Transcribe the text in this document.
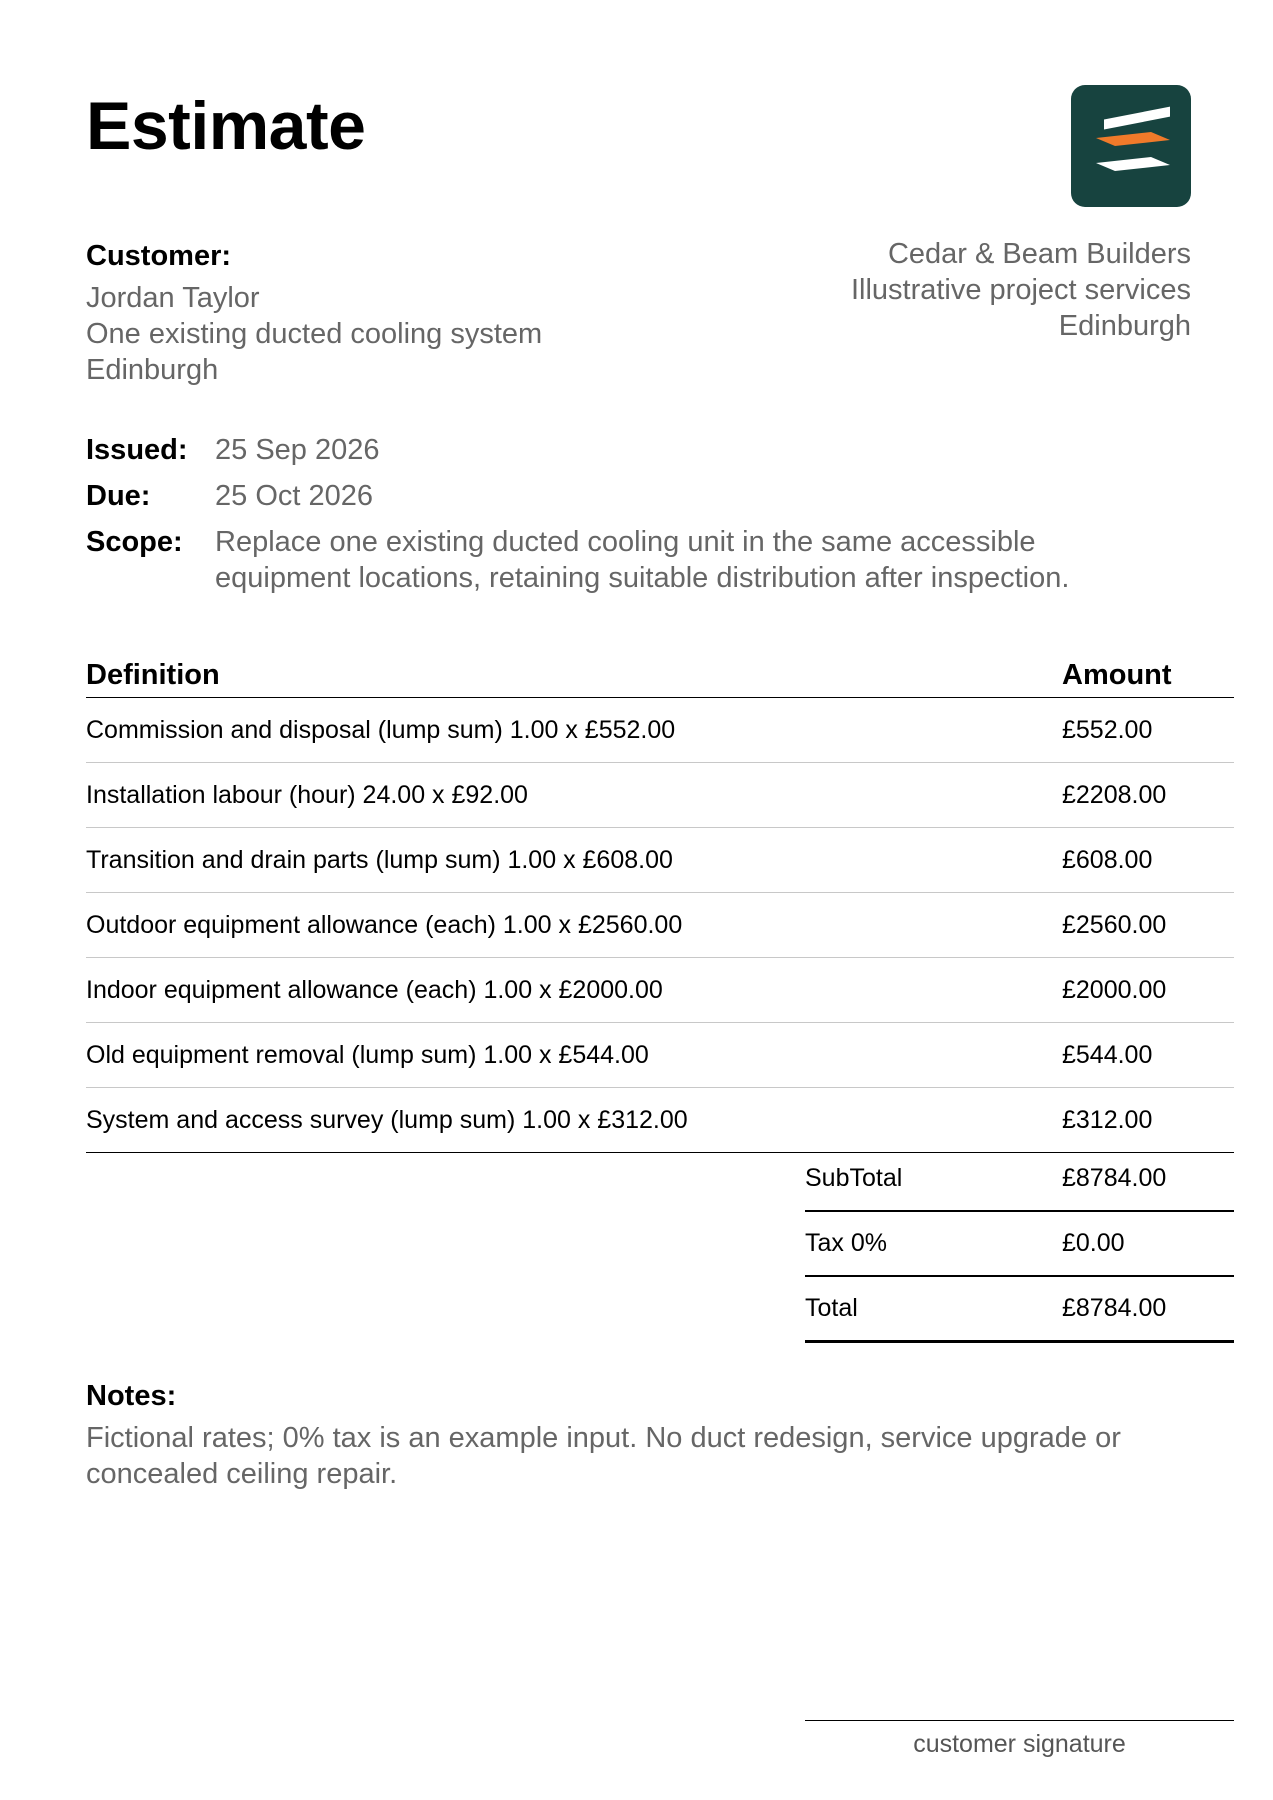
Estimate
Customer:
Jordan Taylor
One existing ducted cooling system
Edinburgh
Cedar & Beam Builders
Illustrative project services
Edinburgh
Issued: 25 Sep 2026
Due:	25 Oct 2026
Scope:	Replace one existing ducted cooling unit in the same accessible
equipment locations, retaining suitable distribution after inspection.
Definition	Amount
Commission and disposal (lump sum) 1.00 x £552.00	£552.00
Installation labour (hour) 24.00 x £92.00	£2208.00
Transition and drain parts (lump sum) 1.00 x £608.00	£608.00
Outdoor equipment allowance (each) 1.00 x £2560.00	£2560.00
Indoor equipment allowance (each) 1.00 x £2000.00	£2000.00
Old equipment removal (lump sum) 1.00 x £544.00	£544.00
System and access survey (lump sum) 1.00 x £312.00	£312.00
SubTotal	£8784.00
Tax 0%	£0.00
Total	£8784.00
Notes:
Fictional rates; 0% tax is an example input. No duct redesign, service upgrade or
concealed ceiling repair.
customer signature
